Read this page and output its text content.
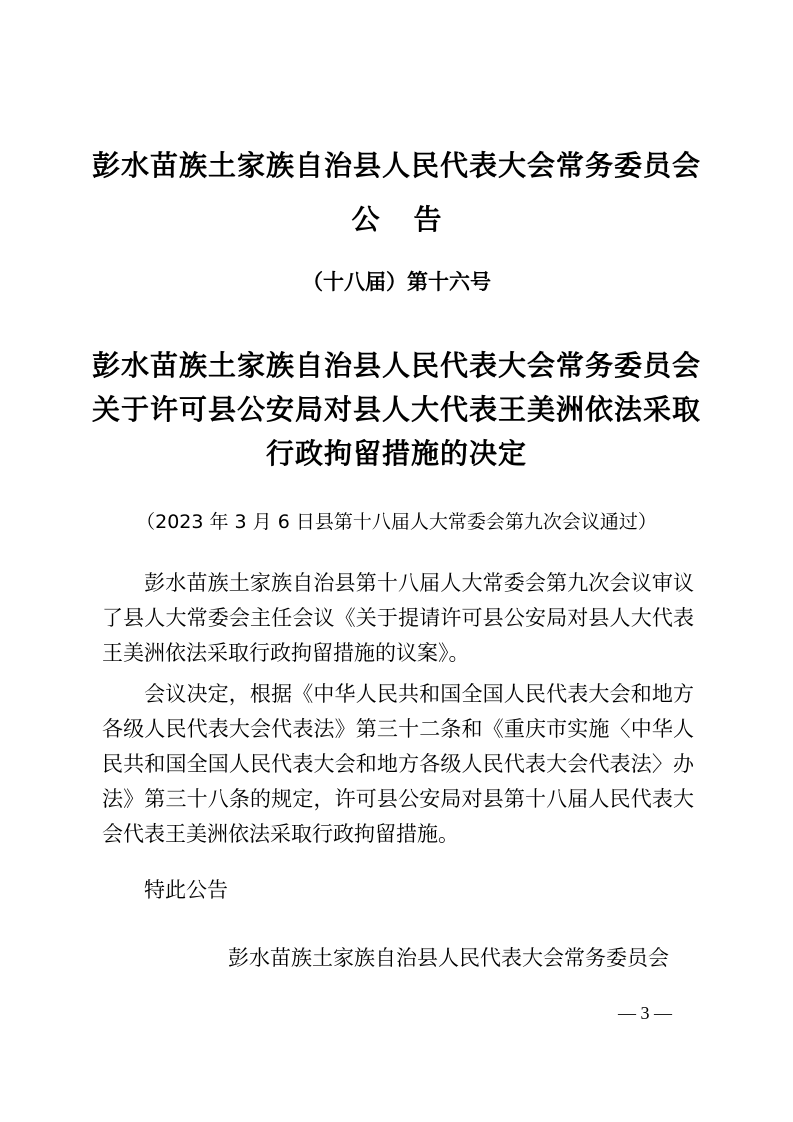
彭水苗族土家族自治县人民代表大会常务委员会
公告
（十八届）第十六号
彭水苗族土家族自治县人民代表大会常务委员会
关于许可县公安局对县人大代表王美洲依法采取
行政拘留措施的决定
（2023 年 3 月 6 日县第十八届人大常委会第九次会议通过）
彭水苗族土家族自治县第十八届人大常委会第九次会议审议了县人大常委会主任会议《关于提请许可县公安局对县人大代表王美洲依法采取行政拘留措施的议案》。
会议决定，根据《中华人民共和国全国人民代表大会和地方各级人民代表大会代表法》第三十二条和《重庆市实施〈中华人民共和国全国人民代表大会和地方各级人民代表大会代表法〉办法》第三十八条的规定，许可县公安局对县第十八届人民代表大会代表王美洲依法采取行政拘留措施。
特此公告
彭水苗族土家族自治县人民代表大会常务委员会
— 3 —
